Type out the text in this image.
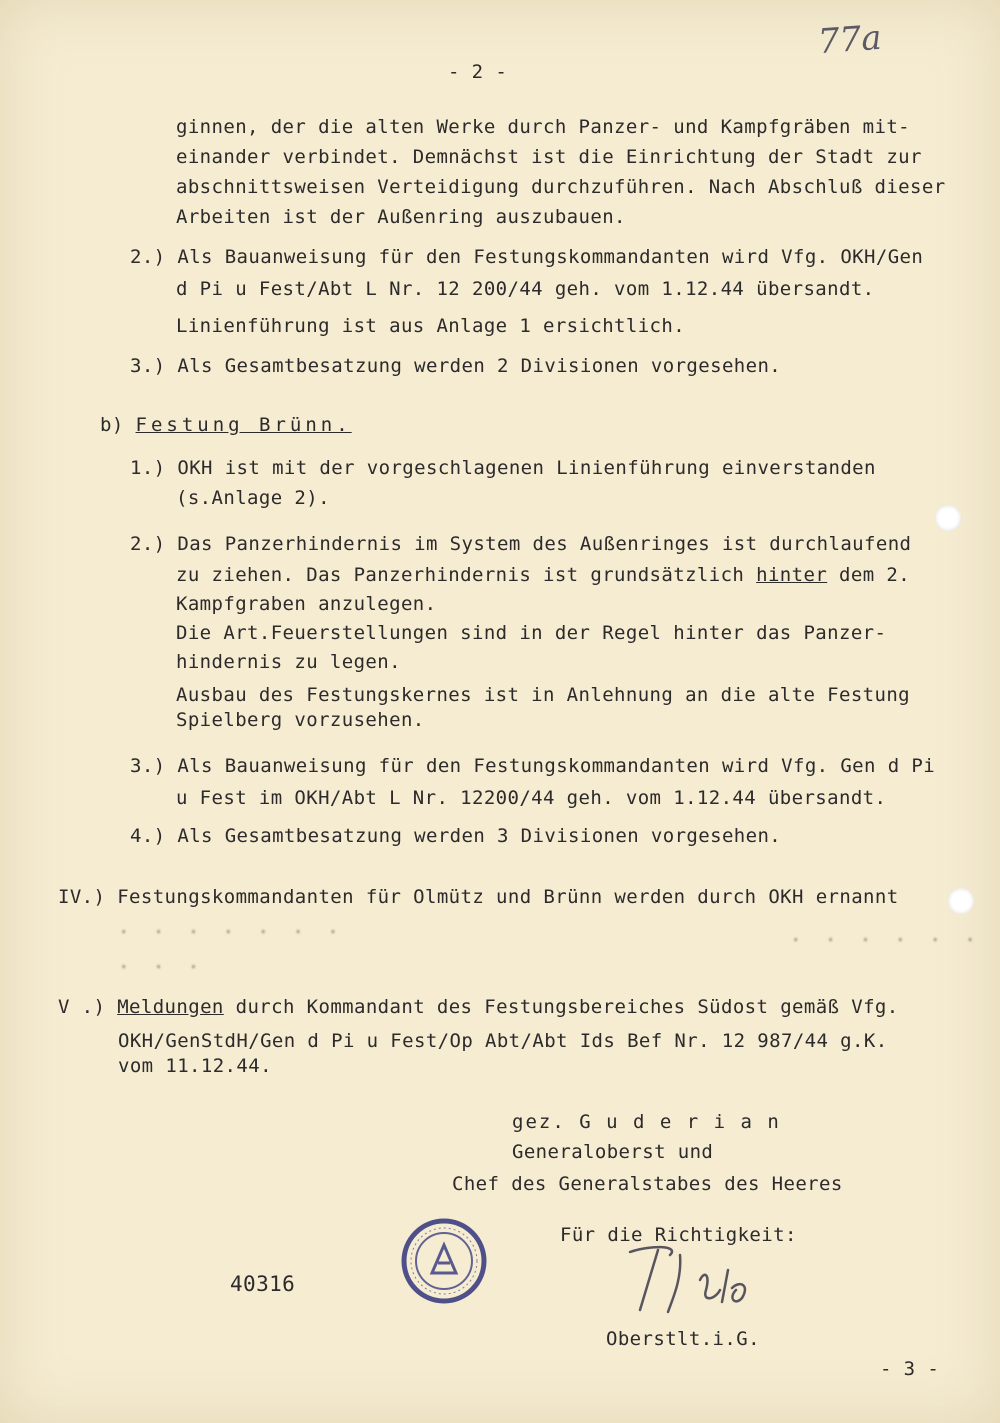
77a
- 2 -
ginnen, der die alten Werke durch Panzer- und Kampfgräben mit-
einander verbindet. Demnächst ist die Einrichtung der Stadt zur
abschnittsweisen Verteidigung durchzuführen. Nach Abschluß dieser
Arbeiten ist der Außenring auszubauen.
2.) Als Bauanweisung für den Festungskommandanten wird Vfg. OKH/Gen
d Pi u Fest/Abt L Nr. 12 200/44 geh. vom 1.12.44 übersandt.
Linienführung ist aus Anlage 1 ersichtlich.
3.) Als Gesamtbesatzung werden 2 Divisionen vorgesehen.
b) Festung Brünn.
1.) OKH ist mit der vorgeschlagenen Linienführung einverstanden
(s.Anlage 2).
2.) Das Panzerhindernis im System des Außenringes ist durchlaufend
zu ziehen. Das Panzerhindernis ist grundsätzlich hinter dem 2.
Kampfgraben anzulegen.
Die Art.Feuerstellungen sind in der Regel hinter das Panzer-
hindernis zu legen.
Ausbau des Festungskernes ist in Anlehnung an die alte Festung
Spielberg vorzusehen.
3.) Als Bauanweisung für den Festungskommandanten wird Vfg. Gen d Pi
u Fest im OKH/Abt L Nr. 12200/44 geh. vom 1.12.44 übersandt.
4.) Als Gesamtbesatzung werden 3 Divisionen vorgesehen.
IV.) Festungskommandanten für Olmütz und Brünn werden durch OKH ernannt
· · · · · · ·	· · · · · ·
· · ·
V .) Meldungen durch Kommandant des Festungsbereiches Südost gemäß Vfg.
OKH/GenStdH/Gen d Pi u Fest/Op Abt/Abt Ids Bef Nr. 12 987/44 g.K.
vom 11.12.44.
gez. G u d e r i a n
Generaloberst und
Chef des Generalstabes des Heeres
Für die Richtigkeit:
40316
Oberstlt.i.G.
- 3 -
